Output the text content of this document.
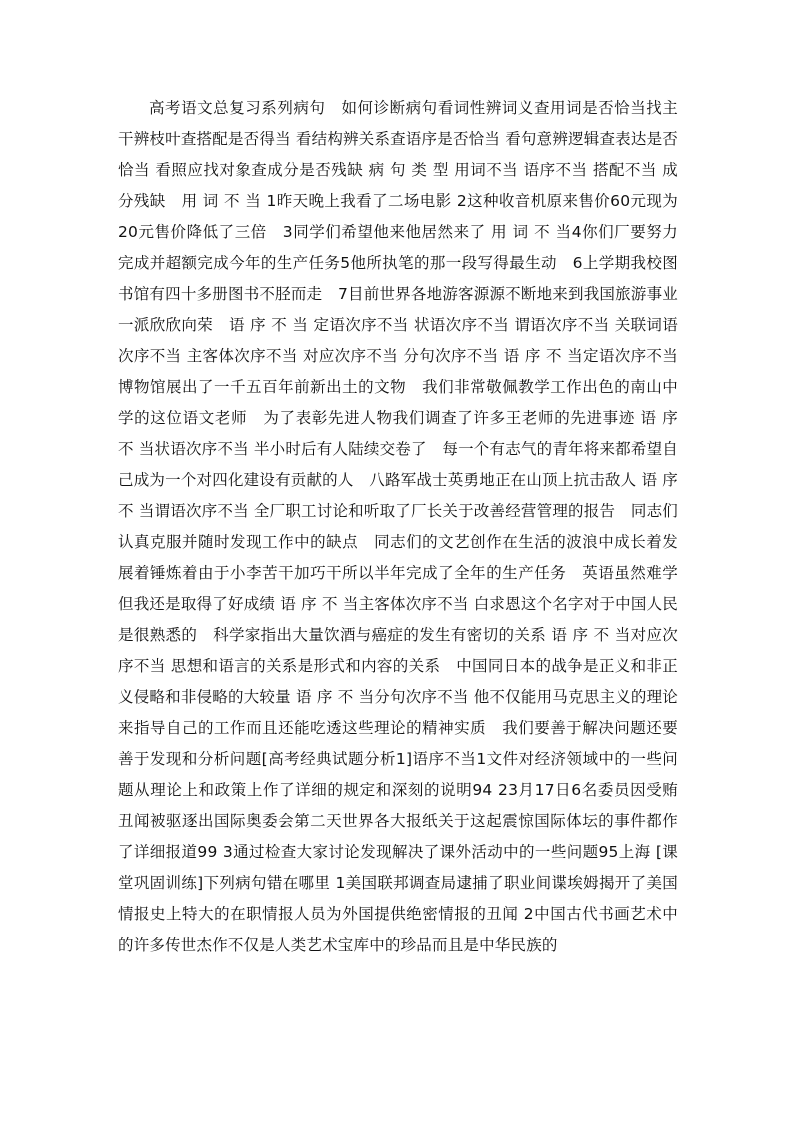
高考语文总复习系列病句　如何诊断病句看词性辨词义查用词是否恰当找主干辨枝叶查搭配是否得当 看结构辨关系查语序是否恰当 看句意辨逻辑查表达是否恰当 看照应找对象查成分是否残缺 病 句 类 型 用词不当 语序不当 搭配不当 成分残缺　用 词 不 当 1昨天晚上我看了二场电影 2这种收音机原来售价60元现为20元售价降低了三倍　3同学们希望他来他居然来了 用 词 不 当4你们厂要努力完成并超额完成今年的生产任务5他所执笔的那一段写得最生动　6上学期我校图书馆有四十多册图书不胫而走　7目前世界各地游客源源不断地来到我国旅游事业一派欣欣向荣　语 序 不 当 定语次序不当 状语次序不当 谓语次序不当 关联词语次序不当 主客体次序不当 对应次序不当 分句次序不当 语 序 不 当定语次序不当 博物馆展出了一千五百年前新出土的文物　我们非常敬佩教学工作出色的南山中学的这位语文老师　为了表彰先进人物我们调查了许多王老师的先进事迹 语 序 不 当状语次序不当 半小时后有人陆续交卷了　每一个有志气的青年将来都希望自己成为一个对四化建设有贡献的人　八路军战士英勇地正在山顶上抗击敌人 语 序 不 当谓语次序不当 全厂职工讨论和听取了厂长关于改善经营管理的报告　同志们认真克服并随时发现工作中的缺点　同志们的文艺创作在生活的波浪中成长着发展着锤炼着由于小李苦干加巧干所以半年完成了全年的生产任务　英语虽然难学但我还是取得了好成绩 语 序 不 当主客体次序不当 白求恩这个名字对于中国人民是很熟悉的　科学家指出大量饮酒与癌症的发生有密切的关系 语 序 不 当对应次序不当 思想和语言的关系是形式和内容的关系　中国同日本的战争是正义和非正义侵略和非侵略的大较量 语 序 不 当分句次序不当 他不仅能用马克思主义的理论来指导自己的工作而且还能吃透这些理论的精神实质　我们要善于解决问题还要善于发现和分析问题[高考经典试题分析1]语序不当1文件对经济领域中的一些问题从理论上和政策上作了详细的规定和深刻的说明94 23月17日6名委员因受贿丑闻被驱逐出国际奥委会第二天世界各大报纸关于这起震惊国际体坛的事件都作了详细报道99 3通过检查大家讨论发现解决了课外活动中的一些问题95上海 [课堂巩固训练]下列病句错在哪里 1美国联邦调查局逮捕了职业间谍埃姆揭开了美国情报史上特大的在职情报人员为外国提供绝密情报的丑闻 2中国古代书画艺术中的许多传世杰作不仅是人类艺术宝库中的珍品而且是中华民族的
